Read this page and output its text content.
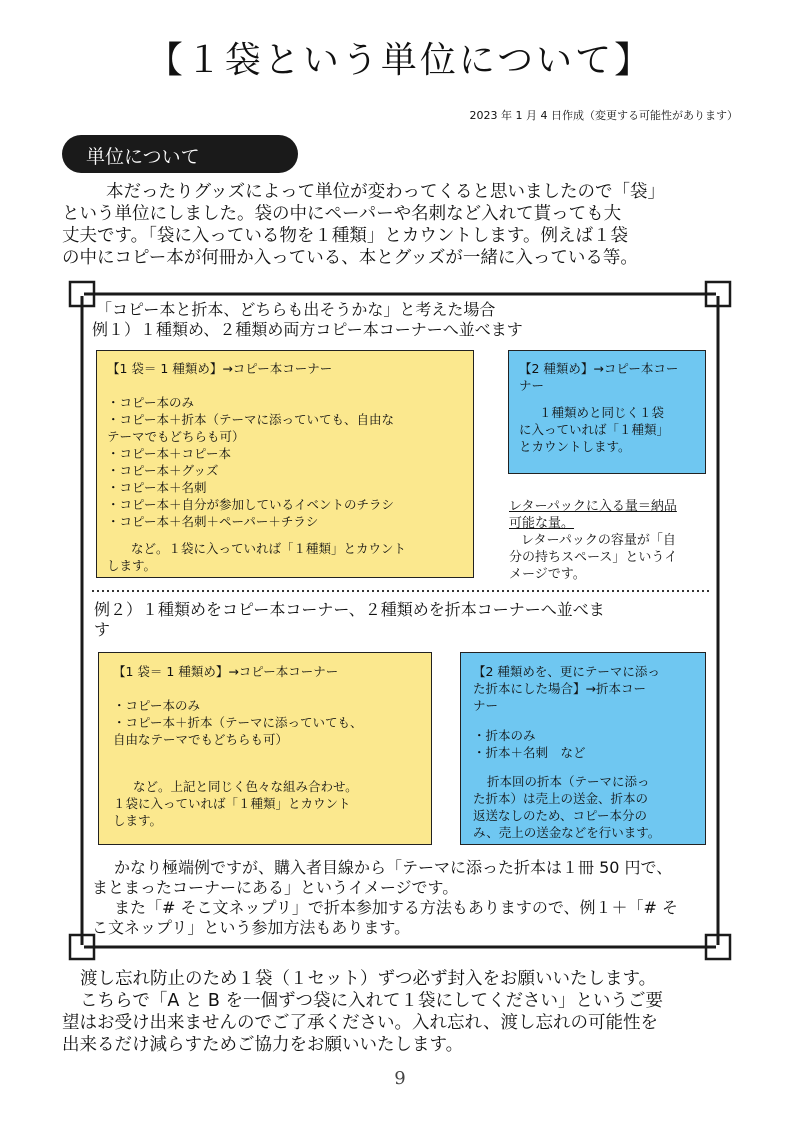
【１袋という単位について】
2023 年 1 月 4 日作成（変更する可能性があります）
単位について
本だったりグッズによって単位が変わってくると思いましたので「袋」
という単位にしました。袋の中にペーパーや名刺など入れて貰っても大
丈夫です。「袋に入っている物を１種類」とカウントします。例えば１袋
の中にコピー本が何冊か入っている、本とグッズが一緒に入っている等。
「コピー本と折本、どちらも出そうかな」と考えた場合
例１）１種類め、２種類め両方コピー本コーナーへ並べます

【1 袋＝ 1 種類め】→コピー本コーナー

・コピー本のみ

・コピー本＋折本（テーマに添っていても、自由な

テーマでもどちらも可）

・コピー本＋コピー本

・コピー本＋グッズ

・コピー本＋名刺

・コピー本＋自分が参加しているイベントのチラシ

・コピー本＋名刺＋ペーパー＋チラシ

など。１袋に入っていれば「１種類」とカウント

します。

【2 種類め】→コピー本コー

ナー

１種類めと同じく１袋

に入っていれば「１種類」

とカウントします。

レターパックに入る量＝納品
可能な量。
レターパックの容量が「自
分の持ちスペース」というイ
メージです。
例２）１種類めをコピー本コーナー、２種類めを折本コーナーへ並べま
す

【1 袋＝ 1 種類め】→コピー本コーナー

・コピー本のみ

・コピー本＋折本（テーマに添っていても、

自由なテーマでもどちらも可）

など。上記と同じく色々な組み合わせ。

１袋に入っていれば「１種類」とカウント

します。

【2 種類めを、更にテーマに添っ

た折本にした場合】→折本コー

ナー

・折本のみ

・折本＋名刺　など

折本回の折本（テーマに添っ

た折本）は売上の送金、折本の

返送なしのため、コピー本分の

み、売上の送金などを行います。

かなり極端例ですが、購入者目線から「テーマに添った折本は１冊 50 円で、
まとまったコーナーにある」というイメージです。
また「# そこ文ネップリ」で折本参加する方法もありますので、例１＋「# そ
こ文ネップリ」という参加方法もあります。
渡し忘れ防止のため１袋（１セット）ずつ必ず封入をお願いいたします。
こちらで「A と B を一個ずつ袋に入れて１袋にしてください」というご要
望はお受け出来ませんのでご了承ください。入れ忘れ、渡し忘れの可能性を
出来るだけ減らすためご協力をお願いいたします。
9
